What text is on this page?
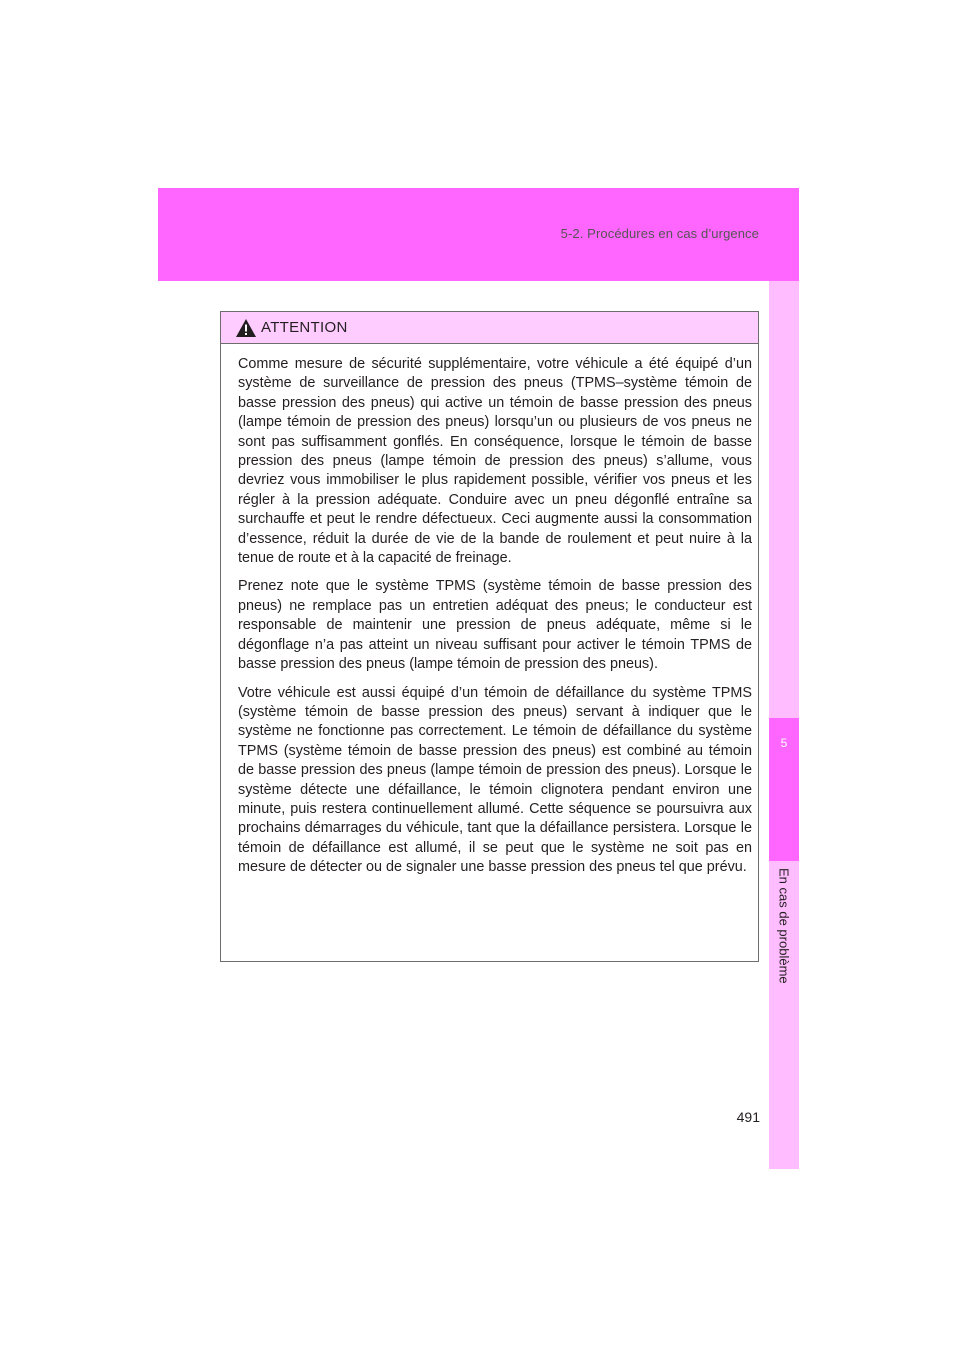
5-2. Procédures en cas d’urgence
5
En cas de problème
ATTENTION

Comme mesure de sécurité supplémentaire, votre véhicule a été équipé d’un système de surveillance de pression des pneus (TPMS–système témoin de basse pression des pneus) qui active un témoin de basse pression des pneus (lampe témoin de pression des pneus) lorsqu’un ou plusieurs de vos pneus ne sont pas suffisamment gonflés. En conséquence, lorsque le témoin de basse pression des pneus (lampe témoin de pression des pneus) s’allume, vous devriez vous immobiliser le plus rapidement possible, vérifier vos pneus et les régler à la pression adéquate. Conduire avec un pneu dégonflé entraîne sa surchauffe et peut le rendre défectueux. Ceci augmente aussi la consommation d’essence, réduit la durée de vie de la bande de roulement et peut nuire à la tenue de route et à la capacité de freinage.

Prenez note que le système TPMS (système témoin de basse pression des pneus) ne remplace pas un entretien adéquat des pneus; le conducteur est responsable de maintenir une pression de pneus adéquate, même si le dégonflage n’a pas atteint un niveau suffisant pour activer le témoin TPMS de basse pression des pneus (lampe témoin de pression des pneus).

Votre véhicule est aussi équipé d’un témoin de défaillance du système TPMS (système témoin de basse pression des pneus) servant à indiquer que le système ne fonctionne pas correctement. Le témoin de défaillance du système TPMS (système témoin de basse pression des pneus) est combiné au témoin de basse pression des pneus (lampe témoin de pression des pneus). Lorsque le système détecte une défaillance, le témoin clignotera pendant environ une minute, puis restera continuellement allumé. Cette séquence se poursuivra aux prochains démarrages du véhicule, tant que la défaillance persistera. Lorsque le témoin de défaillance est allumé, il se peut que le système ne soit pas en mesure de détecter ou de signaler une basse pression des pneus tel que prévu.

491
